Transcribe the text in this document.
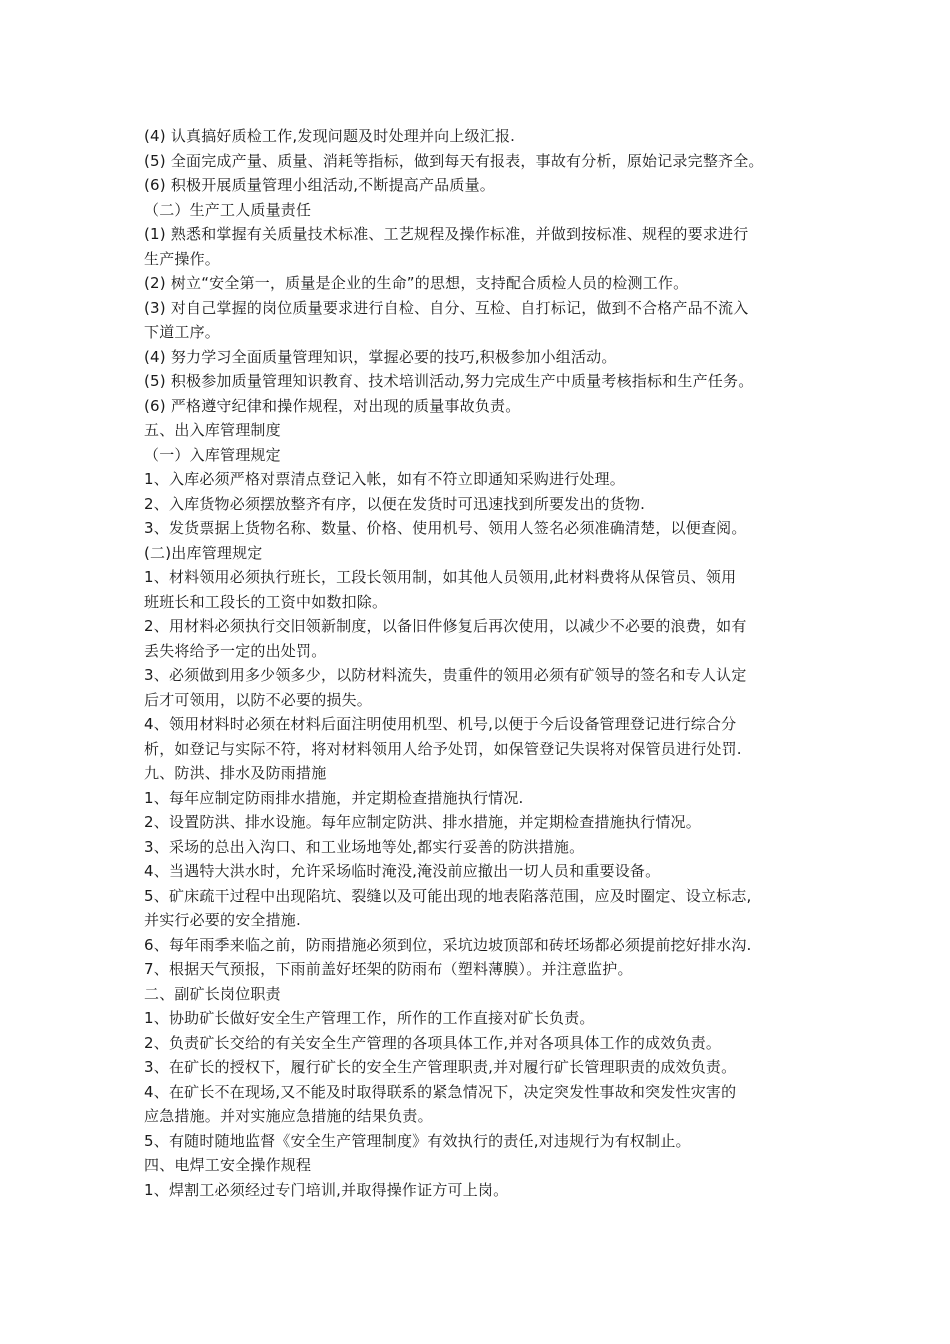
(4) 认真搞好质检工作,发现问题及时处理并向上级汇报.
(5) 全面完成产量、质量、消耗等指标，做到每天有报表，事故有分析，原始记录完整齐全。
(6) 积极开展质量管理小组活动,不断提高产品质量。
（二）生产工人质量责任
(1) 熟悉和掌握有关质量技术标准、工艺规程及操作标准，并做到按标准、规程的要求进行
生产操作。
(2) 树立“安全第一，质量是企业的生命”的思想，支持配合质检人员的检测工作。
(3) 对自己掌握的岗位质量要求进行自检、自分、互检、自打标记，做到不合格产品不流入
下道工序。
(4) 努力学习全面质量管理知识，掌握必要的技巧,积极参加小组活动。
(5) 积极参加质量管理知识教育、技术培训活动,努力完成生产中质量考核指标和生产任务。
(6) 严格遵守纪律和操作规程，对出现的质量事故负责。
五、出入库管理制度
（一）入库管理规定
1、入库必须严格对票清点登记入帐，如有不符立即通知采购进行处理。
2、入库货物必须摆放整齐有序，以便在发货时可迅速找到所要发出的货物.
3、发货票据上货物名称、数量、价格、使用机号、领用人签名必须准确清楚，以便查阅。
(二)出库管理规定
1、材料领用必须执行班长，工段长领用制，如其他人员领用,此材料费将从保管员、领用
班班长和工段长的工资中如数扣除。
2、用材料必须执行交旧领新制度，以备旧件修复后再次使用，以减少不必要的浪费，如有
丢失将给予一定的出处罚。
3、必须做到用多少领多少，以防材料流失，贵重件的领用必须有矿领导的签名和专人认定
后才可领用，以防不必要的损失。
4、领用材料时必须在材料后面注明使用机型、机号,以便于今后设备管理登记进行综合分
析，如登记与实际不符，将对材料领用人给予处罚，如保管登记失误将对保管员进行处罚.
九、防洪、排水及防雨措施
1、每年应制定防雨排水措施，并定期检查措施执行情况.
2、设置防洪、排水设施。每年应制定防洪、排水措施，并定期检查措施执行情况。
3、采场的总出入沟口、和工业场地等处,都实行妥善的防洪措施。
4、当遇特大洪水时，允许采场临时淹没,淹没前应撤出一切人员和重要设备。
5、矿床疏干过程中出现陷坑、裂缝以及可能出现的地表陷落范围，应及时圈定、设立标志,
并实行必要的安全措施.
6、每年雨季来临之前，防雨措施必须到位，采坑边坡顶部和砖坯场都必须提前挖好排水沟.
7、根据天气预报，下雨前盖好坯架的防雨布（塑料薄膜）。并注意监护。
二、副矿长岗位职责
1、协助矿长做好安全生产管理工作，所作的工作直接对矿长负责。
2、负责矿长交给的有关安全生产管理的各项具体工作,并对各项具体工作的成效负责。
3、在矿长的授权下，履行矿长的安全生产管理职责,并对履行矿长管理职责的成效负责。
4、在矿长不在现场,又不能及时取得联系的紧急情况下，决定突发性事故和突发性灾害的
应急措施。并对实施应急措施的结果负责。
5、有随时随地监督《安全生产管理制度》有效执行的责任,对违规行为有权制止。
四、电焊工安全操作规程
1、焊割工必须经过专门培训,并取得操作证方可上岗。
